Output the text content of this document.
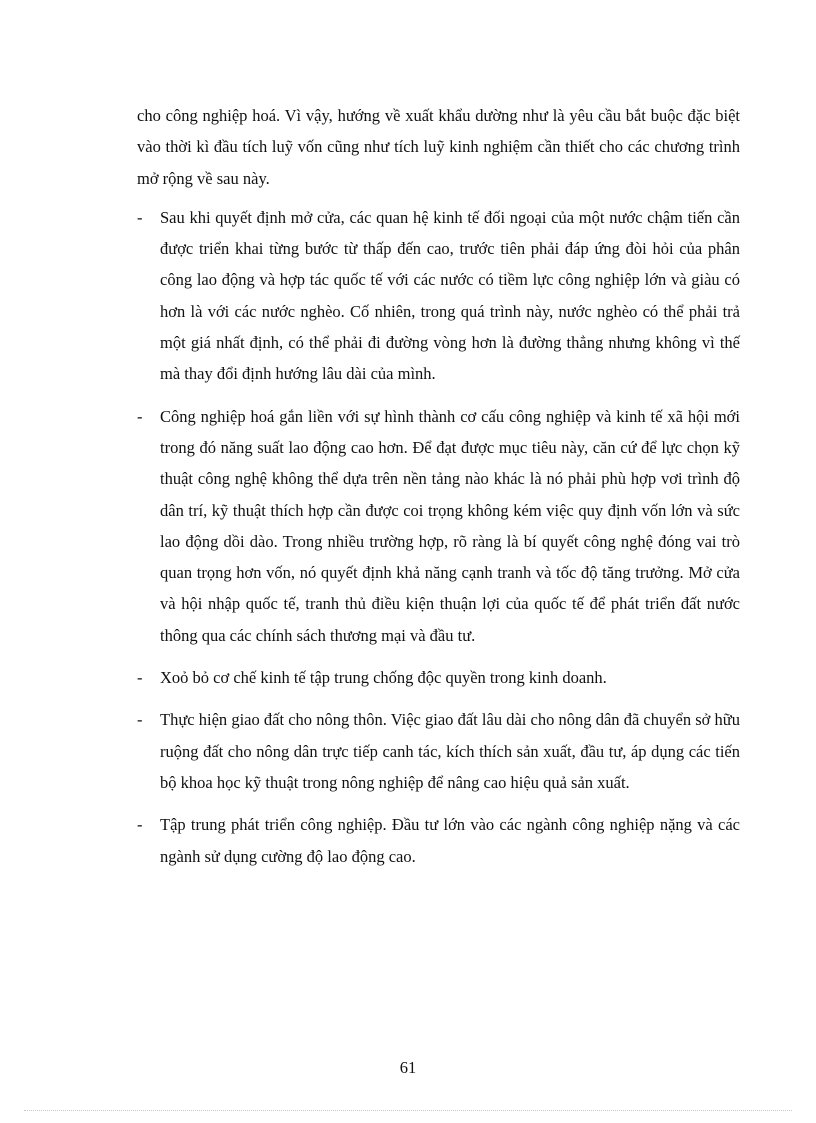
cho công nghiệp hoá. Vì vậy, hướng về xuất khẩu dường như là yêu cầu bắt buộc đặc biệt vào thời kì đầu tích luỹ vốn cũng như tích luỹ kinh nghiệm cần thiết cho các chương trình mở rộng về sau này.

- Sau khi quyết định mở cửa, các quan hệ kinh tế đối ngoại của một nước chậm tiến cần được triển khai từng bước từ thấp đến cao, trước tiên phải đáp ứng đòi hỏi của phân công lao động và hợp tác quốc tế với các nước có tiềm lực công nghiệp lớn và giàu có hơn là với các nước nghèo. Cố nhiên, trong quá trình này, nước nghèo có thể phải trả một giá nhất định, có thể phải đi đường vòng hơn là đường thẳng nhưng không vì thế mà thay đổi định hướng lâu dài của mình.
- Công nghiệp hoá gắn liền với sự hình thành cơ cấu công nghiệp và kinh tế xã hội mới trong đó năng suất lao động cao hơn. Để đạt được mục tiêu này, căn cứ để lực chọn kỹ thuật công nghệ không thể dựa trên nền tảng nào khác là nó phải phù hợp vơi trình độ dân trí, kỹ thuật thích hợp cần được coi trọng không kém việc quy định vốn lớn và sức lao động dồi dào. Trong nhiều trường hợp, rõ ràng là bí quyết công nghệ đóng vai trò quan trọng hơn vốn, nó quyết định khả năng cạnh tranh và tốc độ tăng trưởng. Mở cửa và hội nhập quốc tế, tranh thủ điều kiện thuận lợi của quốc tế để phát triển đất nước thông qua các chính sách thương mại và đầu tư.
- Xoỏ bỏ cơ chế kinh tế tập trung chống độc quyền trong kinh doanh.
- Thực hiện giao đất cho nông thôn. Việc giao đất lâu dài cho nông dân đã chuyển sở hữu ruộng đất cho nông dân trực tiếp canh tác, kích thích sản xuất, đầu tư, áp dụng các tiến bộ khoa học kỹ thuật trong nông nghiệp để nâng cao hiệu quả sản xuất.
- Tập trung phát triển công nghiệp. Đầu tư lớn vào các ngành công nghiệp nặng và các ngành sử dụng cường độ lao động cao.
61
